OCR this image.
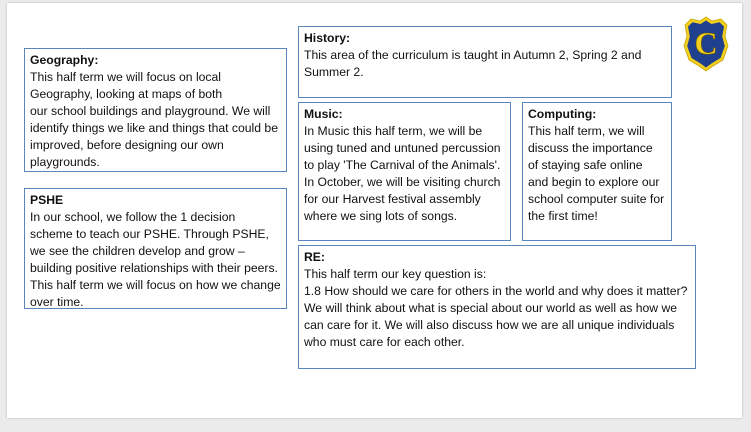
Geography:
This half term we will focus on local Geography, looking at maps of both
our school buildings and playground. We will identify things we like and things that could be improved, before designing our own playgrounds.
History:
This area of the curriculum is taught in Autumn 2, Spring 2 and Summer 2.
Music:
In Music this half term, we will be using tuned and untuned percussion to play 'The Carnival of the Animals'. In October, we will be visiting church for our Harvest festival assembly where we sing lots of songs.
Computing:
This half term, we will discuss the importance of staying safe online and begin to explore our school computer suite for the first time!
PSHE
In our school, we follow the 1 decision scheme to teach our PSHE. Through PSHE, we see the children develop and grow – building positive relationships with their peers. This half term we will focus on how we change over time.
RE:
This half term our key question is:
1.8 How should we care for others in the world and why does it matter?
We will think about what is special about our world as well as how we can care for it. We will also discuss how we are all unique individuals who must care for each other.
C
